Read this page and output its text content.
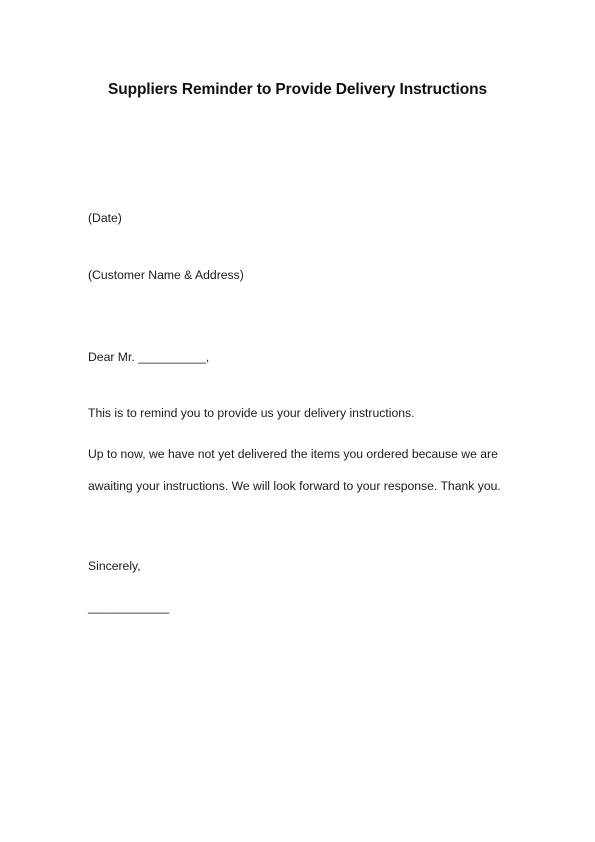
Suppliers Reminder to Provide Delivery Instructions
(Date)
(Customer Name & Address)
Dear Mr. __________,
This is to remind you to provide us your delivery instructions.
Up to now, we have not yet delivered the items you ordered because we are
awaiting your instructions. We will look forward to your response. Thank you.
Sincerely,
____________
